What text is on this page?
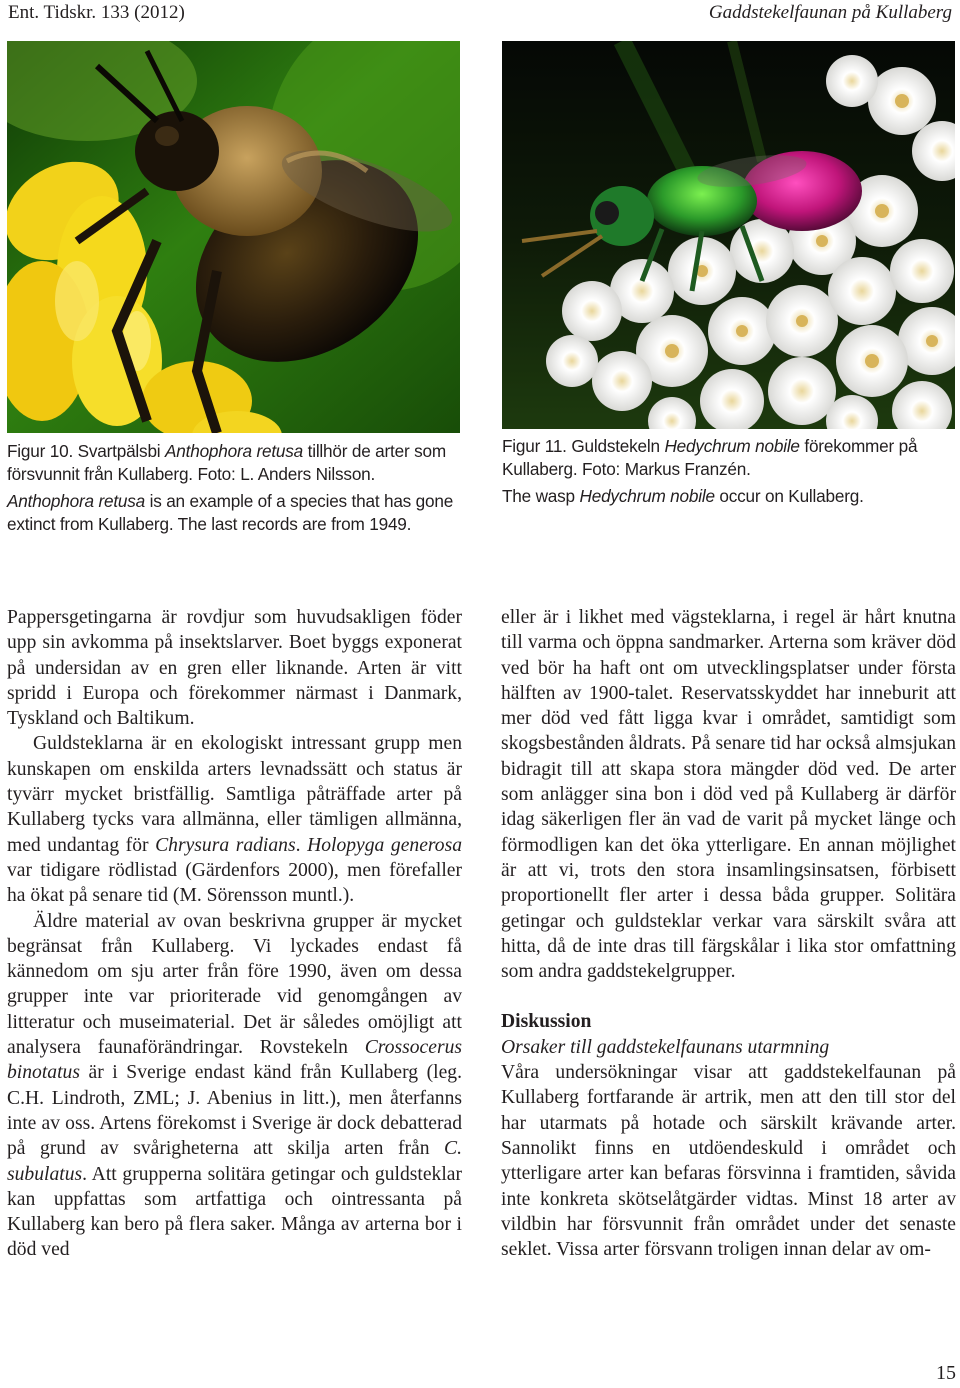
Ent. Tidskr. 133 (2012)	Gaddstekelfaunan på Kullaberg

Figur 10. Svartpälsbi Anthophora retusa tillhör de arter som försvunnit från Kullaberg. Foto: L. Anders Nilsson.

Anthophora retusa is an example of a species that has gone extinct from Kullaberg. The last records are from 1949.

Figur 11. Guldstekeln Hedychrum nobile förekommer på Kullaberg. Foto: Markus Franzén.

The wasp Hedychrum nobile occur on Kullaberg.

Pappersgetingarna är rovdjur som huvudsakligen föder upp sin avkomma på insektslarver. Boet byggs exponerat på undersidan av en gren eller liknande. Arten är vitt spridd i Europa och förekommer närmast i Danmark, Tyskland och Baltikum.

Guldsteklarna är en ekologiskt intressant grupp men kunskapen om enskilda arters levnadssätt och status är tyvärr mycket bristfällig. Samtliga påträffade arter på Kullaberg tycks vara allmänna, eller tämligen allmänna, med undantag för Chrysura radians. Holopyga generosa var tidigare rödlistad (Gärdenfors 2000), men förefaller ha ökat på senare tid (M. Sörensson muntl.).

Äldre material av ovan beskrivna grupper är mycket begränsat från Kullaberg. Vi lyckades endast få kännedom om sju arter från före 1990, även om dessa grupper inte var prioriterade vid genomgången av litteratur och museimaterial. Det är således omöjligt att analysera faunaförändringar. Rovstekeln Crossocerus binotatus är i Sverige endast känd från Kullaberg (leg. C.H. Lindroth, ZML; J. Abenius in litt.), men återfanns inte av oss. Artens förekomst i Sverige är dock debatterad på grund av svårigheterna att skilja arten från C. subulatus. Att grupperna solitära getingar och guldsteklar kan uppfattas som artfattiga och ointressanta på Kullaberg kan bero på flera saker. Många av arterna bor i död ved

eller är i likhet med vägsteklarna, i regel är hårt knutna till varma och öppna sandmarker. Arterna som kräver död ved bör ha haft ont om utvecklingsplatser under första hälften av 1900-talet. Reservatsskyddet har inneburit att mer död ved fått ligga kvar i området, samtidigt som skogsbestånden åldrats. På senare tid har också almsjukan bidragit till att skapa stora mängder död ved. De arter som anlägger sina bon i död ved på Kullaberg är därför idag säkerligen fler än vad de varit på mycket länge och förmodligen kan det öka ytterligare. En annan möjlighet är att vi, trots den stora insamlingsinsatsen, förbisett proportionellt fler arter i dessa båda grupper. Solitära getingar och guldsteklar verkar vara särskilt svåra att hitta, då de inte dras till färgskålar i lika stor omfattning som andra gaddstekelgrupper.

Diskussion
Orsaker till gaddstekelfaunans utarmning

Våra undersökningar visar att gaddstekelfaunan på Kullaberg fortfarande är artrik, men att den till stor del har utarmats på hotade och särskilt krävande arter. Sannolikt finns en utdöendeskuld i området och ytterligare arter kan befaras försvinna i framtiden, såvida inte konkreta skötselåtgärder vidtas. Minst 18 arter av vildbin har försvunnit från området under det senaste seklet. Vissa arter försvann troligen innan delar av om-

15
